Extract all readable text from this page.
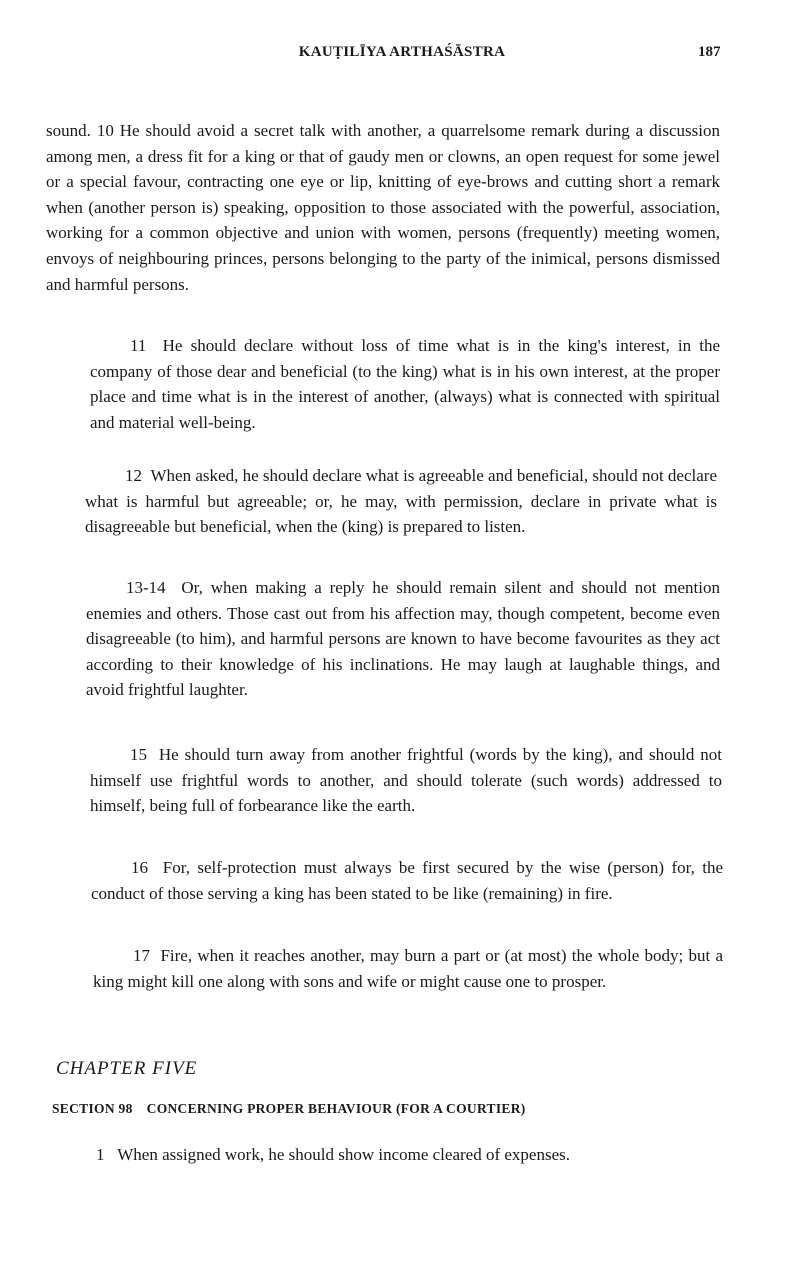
KAUṬILĪYA ARTHAŚĀSTRA	187

sound. 10 He should avoid a secret talk with another, a quarrelsome remark during a discussion among men, a dress fit for a king or that of gaudy men or clowns, an open request for some jewel or a special favour, contracting one eye or lip, knitting of eye-brows and cutting short a remark when (another person is) speaking, opposition to those associated with the powerful, association, working for a common objective and union with women, persons (frequently) meeting women, envoys of neighbouring princes, persons belonging to the party of the inimical, persons dismissed and harmful persons.

11 He should declare without loss of time what is in the king's interest, in the company of those dear and beneficial (to the king) what is in his own interest, at the proper place and time what is in the interest of another, (always) what is connected with spiritual and material well-being.

12 When asked, he should declare what is agreeable and beneficial, should not declare what is harmful but agreeable; or, he may, with permission, declare in private what is disagreeable but beneficial, when the (king) is prepared to listen.

13-14 Or, when making a reply he should remain silent and should not mention enemies and others. Those cast out from his affection may, though competent, become even disagreeable (to him), and harmful persons are known to have become favourites as they act according to their knowledge of his inclinations. He may laugh at laughable things, and avoid frightful laughter.

15 He should turn away from another frightful (words by the king), and should not himself use frightful words to another, and should tolerate (such words) addressed to himself, being full of forbearance like the earth.

16 For, self-protection must always be first secured by the wise (person) for, the conduct of those serving a king has been stated to be like (remaining) in fire.

17 Fire, when it reaches another, may burn a part or (at most) the whole body; but a king might kill one along with sons and wife or might cause one to prosper.

CHAPTER FIVE
SECTION 98 CONCERNING PROPER BEHAVIOUR (FOR A COURTIER)

1 When assigned work, he should show income cleared of expenses.
